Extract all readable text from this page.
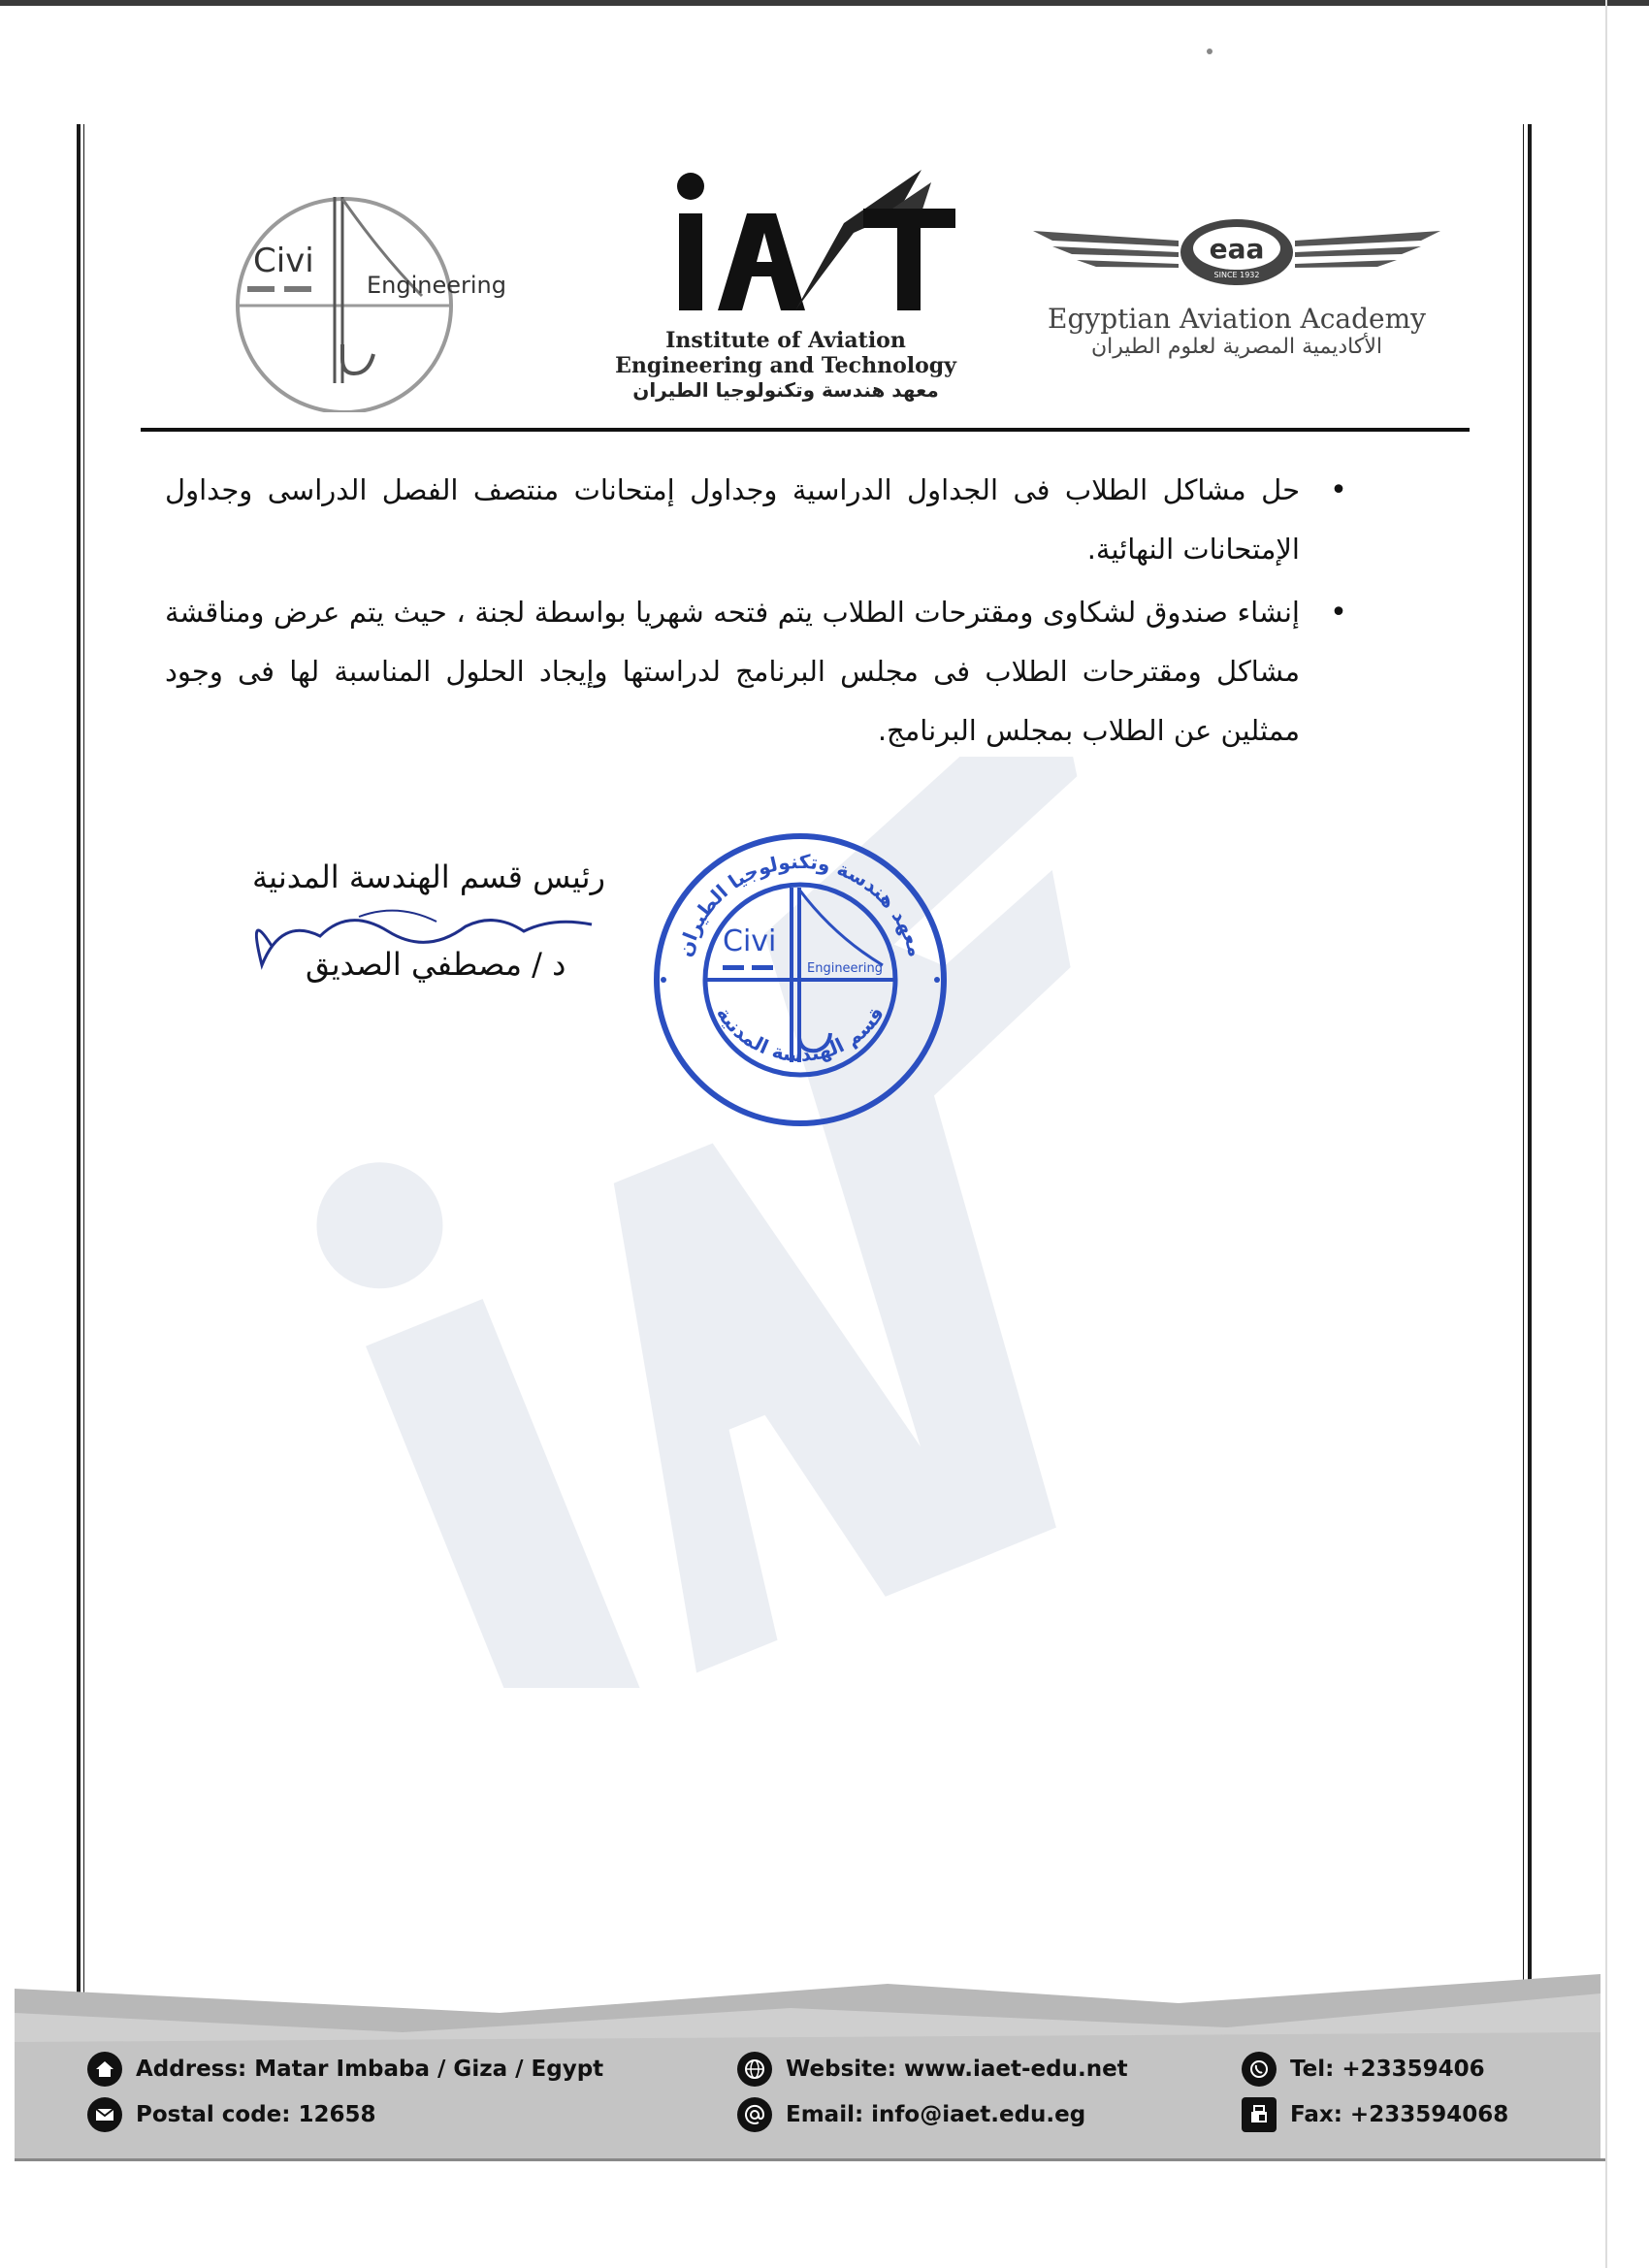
Civi
Engineering
Institute of Aviation
Engineering and Technology
معهد هندسة وتكنولوجيا الطيران
eaa
SINCE 1932
Egyptian Aviation Academy
الأكاديمية المصرية لعلوم الطيران
•
حل مشاكل الطلاب فى الجداول الدراسية وجداول إمتحانات منتصف الفصل الدراسى وجداول الإمتحانات النهائية.
•
إنشاء صندوق لشكاوى ومقترحات الطلاب يتم فتحه شهريا بواسطة لجنة ، حيث يتم عرض ومناقشة مشاكل ومقترحات الطلاب فى مجلس البرنامج لدراستها وإيجاد الحلول المناسبة لها فى وجود ممثلين عن الطلاب بمجلس البرنامج.
رئيس قسم الهندسة المدنية
د / مصطفي الصديق
Civi
Engineering
معهد هندسة وتكنولوجيا الطيران
قسم الهندسة المدنية
Address: Matar Imbaba / Giza / Egypt
Postal code: 12658
Website: www.iaet-edu.net
Email: info@iaet.edu.eg
Tel: +23359406
Fax: +233594068
